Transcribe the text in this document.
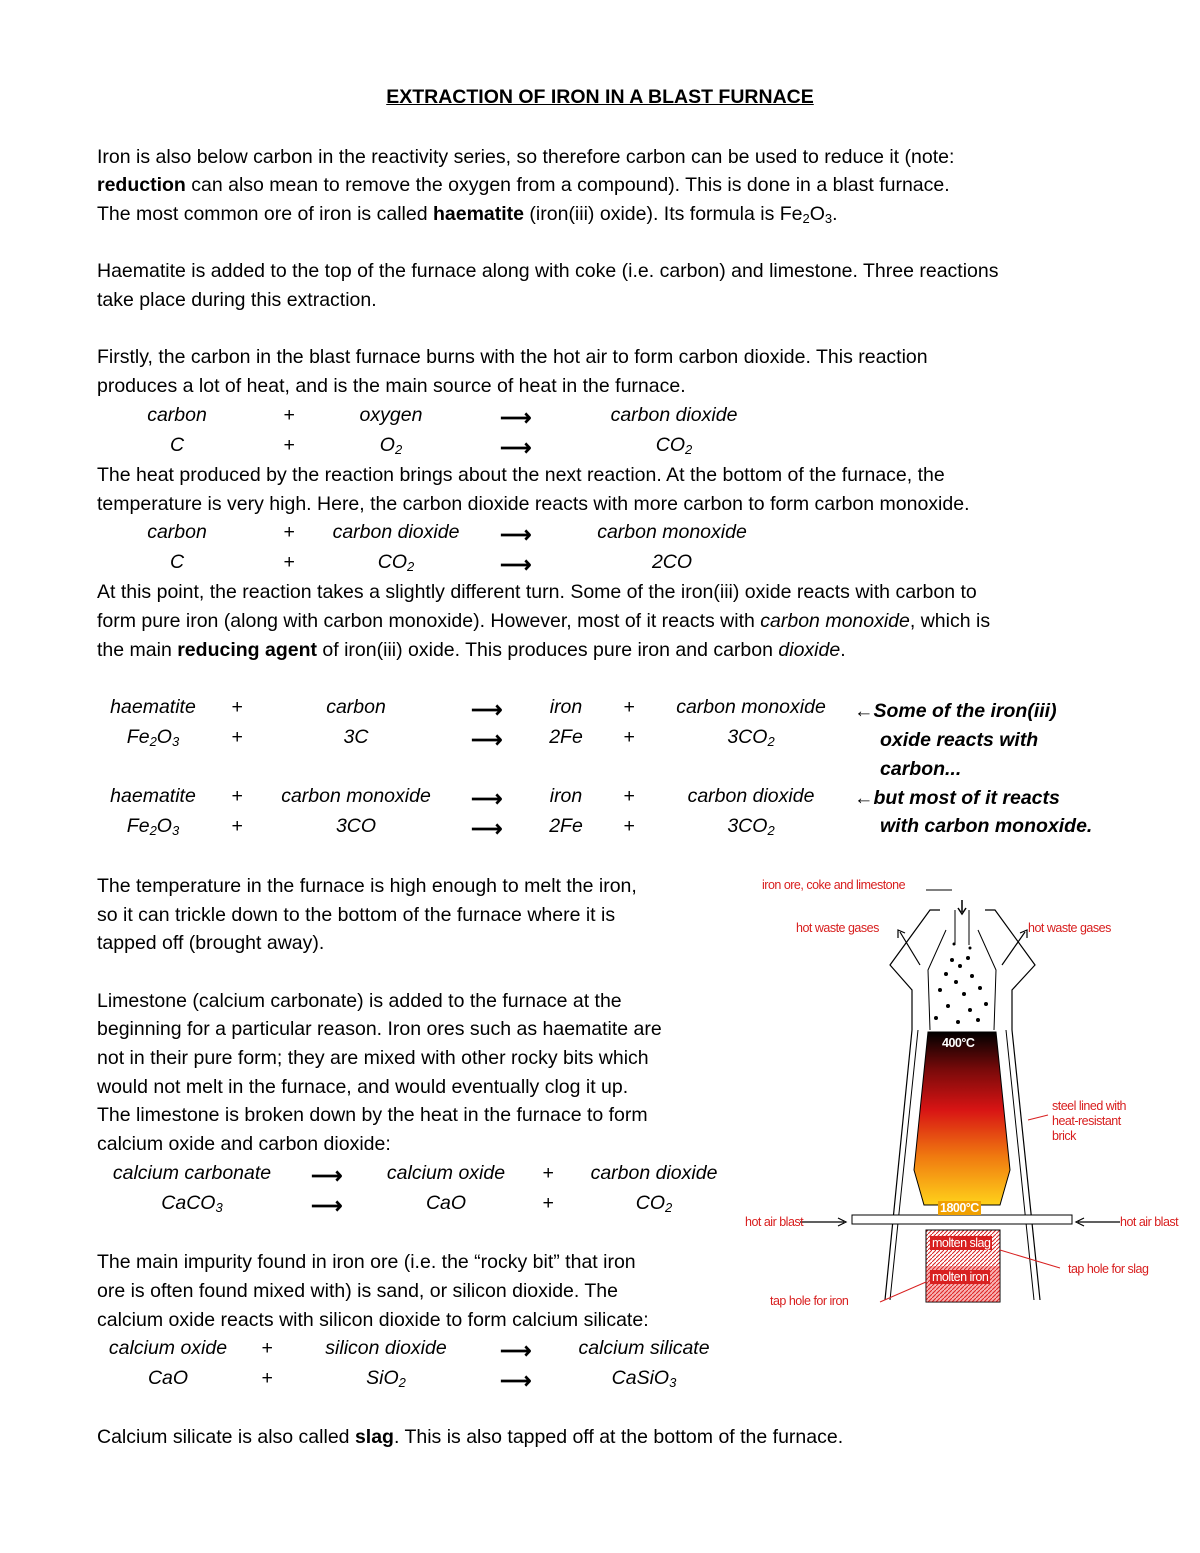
EXTRACTION OF IRON IN A BLAST FURNACE
Iron is also below carbon in the reactivity series, so therefore carbon can be used to reduce it (note:
reduction can also mean to remove the oxygen from a compound). This is done in a blast furnace.
The most common ore of iron is called haematite (iron(iii) oxide). Its formula is $Fe_2O_3$.
Haematite is added to the top of the furnace along with coke (i.e. carbon) and limestone. Three reactions
take place during this extraction.
Firstly, the carbon in the blast furnace burns with the hot air to form carbon dioxide. This reaction
produces a lot of heat, and is the main source of heat in the furnace.
carbon	+	oxygen	⟶	carbon dioxide
C	+	$O_2$	⟶	$CO_2$
The heat produced by the reaction brings about the next reaction. At the bottom of the furnace, the
temperature is very high. Here, the carbon dioxide reacts with more carbon to form carbon monoxide.
carbon	+ carbon dioxide ⟶	carbon monoxide
C	+	$CO_2$	⟶	2CO
At this point, the reaction takes a slightly different turn. Some of the iron(iii) oxide reacts with carbon to
form pure iron (along with carbon monoxide). However, most of it reacts with carbon monoxide, which is
the main reducing agent of iron(iii) oxide. This produces pure iron and carbon dioxide.
haematite +	carbon	⟶ iron + carbon monoxide
$Fe_2O_3$	+	3C	⟶ 2Fe +	$3CO_2$
←Some of the iron(iii)
oxide reacts with
carbon...
haematite + carbon monoxide ⟶ iron +	carbon dioxide
$Fe_2O_3$	+	3CO	⟶ 2Fe +	$3CO_2$
←but most of it reacts
with carbon monoxide.
The temperature in the furnace is high enough to melt the iron,
so it can trickle down to the bottom of the furnace where it is
tapped off (brought away).
Limestone (calcium carbonate) is added to the furnace at the
beginning for a particular reason. Iron ores such as haematite are
not in their pure form; they are mixed with other rocky bits which
would not melt in the furnace, and would eventually clog it up.
The limestone is broken down by the heat in the furnace to form
calcium oxide and carbon dioxide:
calcium carbonate ⟶ calcium oxide + carbon dioxide
CaCO$_3$	⟶	CaO	+	$CO_2$
The main impurity found in iron ore (i.e. the “rocky bit” that iron
ore is often found mixed with) is sand, or silicon dioxide. The
calcium oxide reacts with silicon dioxide to form calcium silicate:
calcium oxide +	silicon dioxide ⟶ calcium silicate
CaO	+	SiO$_2$	⟶	CaSiO$_3$
Calcium silicate is also called slag. This is also tapped off at the bottom of the furnace.
iron ore, coke and limestone
hot waste gases	hot waste gases
400°C
steel lined with
heat-resistant
brick
hot air blast	hot air blast
1800°C
molten slag
molten iron
tap hole for slag
tap hole for iron
